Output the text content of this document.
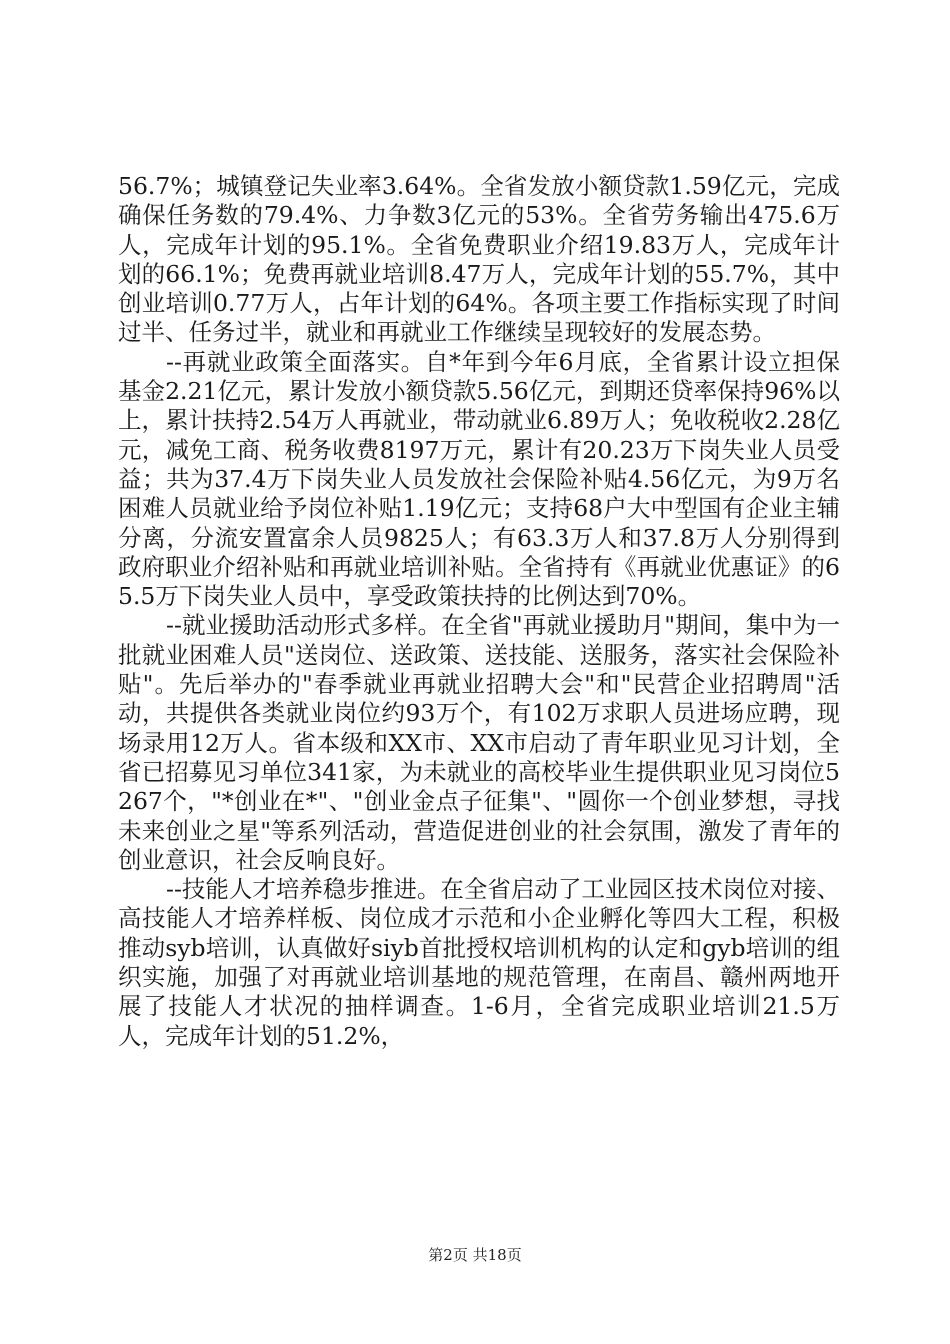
56.7%；城镇登记失业率3.64%。全省发放小额贷款1.59亿元，完成确保任务数的79.4%、力争数3亿元的53%。全省劳务输出475.6万人，完成年计划的95.1%。全省免费职业介绍19.83万人，完成年计划的66.1%；免费再就业培训8.47万人，完成年计划的55.7%，其中创业培训0.77万人，占年计划的64%。各项主要工作指标实现了时间过半、任务过半，就业和再就业工作继续呈现较好的发展态势。

--再就业政策全面落实。自*年到今年6月底，全省累计设立担保基金2.21亿元，累计发放小额贷款5.56亿元，到期还贷率保持96%以上，累计扶持2.54万人再就业，带动就业6.89万人；免收税收2.28亿元，减免工商、税务收费8197万元，累计有20.23万下岗失业人员受益；共为37.4万下岗失业人员发放社会保险补贴4.56亿元，为9万名困难人员就业给予岗位补贴1.19亿元；支持68户大中型国有企业主辅分离，分流安置富余人员9825人；有63.3万人和37.8万人分别得到政府职业介绍补贴和再就业培训补贴。全省持有《再就业优惠证》的65.5万下岗失业人员中，享受政策扶持的比例达到70%。

--就业援助活动形式多样。在全省"再就业援助月"期间，集中为一批就业困难人员"送岗位、送政策、送技能、送服务，落实社会保险补贴"。先后举办的"春季就业再就业招聘大会"和"民营企业招聘周"活动，共提供各类就业岗位约93万个，有102万求职人员进场应聘，现场录用12万人。省本级和XX市、XX市启动了青年职业见习计划，全省已招募见习单位341家，为未就业的高校毕业生提供职业见习岗位5267个，"*创业在*"、"创业金点子征集"、"圆你一个创业梦想，寻找未来创业之星"等系列活动，营造促进创业的社会氛围，激发了青年的创业意识，社会反响良好。

--技能人才培养稳步推进。在全省启动了工业园区技术岗位对接、高技能人才培养样板、岗位成才示范和小企业孵化等四大工程，积极推动syb培训，认真做好siyb首批授权培训机构的认定和gyb培训的组织实施，加强了对再就业培训基地的规范管理，在南昌、赣州两地开展了技能人才状况的抽样调查。1-6月，全省完成职业培训21.5万人，完成年计划的51.2%，

第2页 共18页
